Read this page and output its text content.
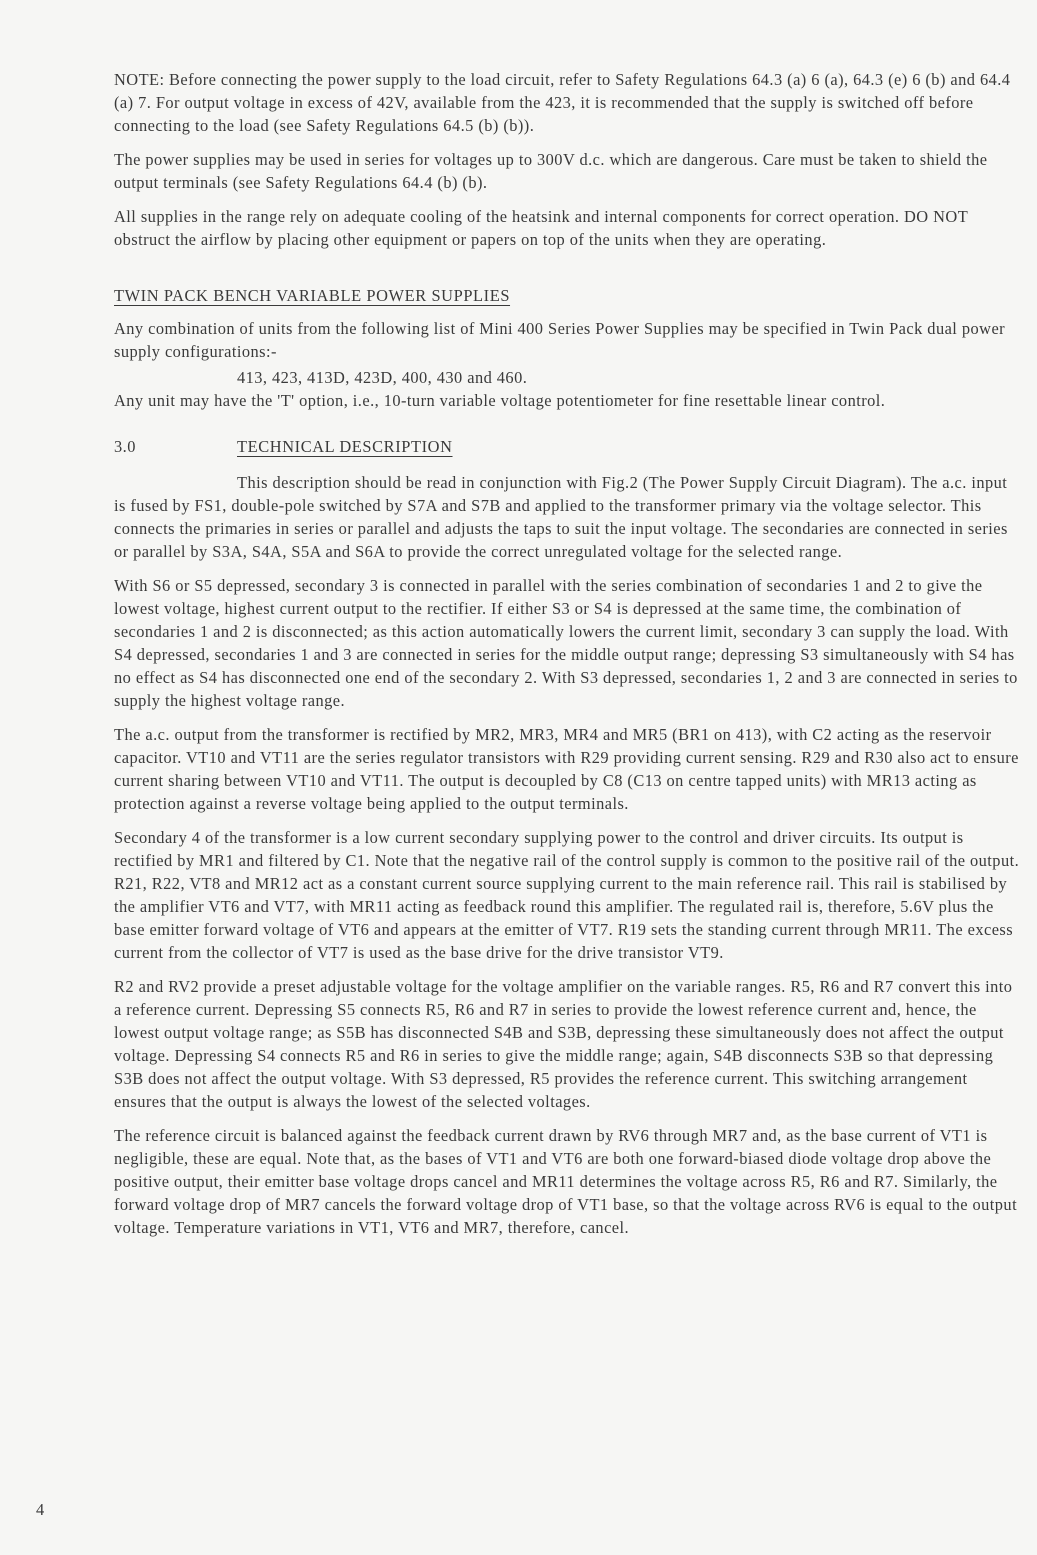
NOTE: Before connecting the power supply to the load circuit, refer to Safety Regulations 64.3 (a) 6 (a), 64.3 (e) 6 (b) and 64.4 (a) 7. For output voltage in excess of 42V, available from the 423, it is recommended that the supply is switched off before connecting to the load (see Safety Regulations 64.5 (b) (b)).

The power supplies may be used in series for voltages up to 300V d.c. which are dangerous. Care must be taken to shield the output terminals (see Safety Regulations 64.4 (b) (b).

All supplies in the range rely on adequate cooling of the heatsink and internal components for correct operation. DO NOT obstruct the airflow by placing other equipment or papers on top of the units when they are operating.

TWIN PACK BENCH VARIABLE POWER SUPPLIES

Any combination of units from the following list of Mini 400 Series Power Supplies may be specified in Twin Pack dual power supply configurations:-

413, 423, 413D, 423D, 400, 430 and 460.

Any unit may have the 'T' option, i.e., 10-turn variable voltage potentiometer for fine resettable linear control.

3.0	TECHNICAL DESCRIPTION

This description should be read in conjunction with Fig.2 (The Power Supply Circuit Diagram). The a.c. input is fused by FS1, double-pole switched by S7A and S7B and applied to the transformer primary via the voltage selector. This connects the primaries in series or parallel and adjusts the taps to suit the input voltage. The secondaries are connected in series or parallel by S3A, S4A, S5A and S6A to provide the correct unregulated voltage for the selected range.

With S6 or S5 depressed, secondary 3 is connected in parallel with the series combination of secondaries 1 and 2 to give the lowest voltage, highest current output to the rectifier. If either S3 or S4 is depressed at the same time, the combination of secondaries 1 and 2 is disconnected; as this action automatically lowers the current limit, secondary 3 can supply the load. With S4 depressed, secondaries 1 and 3 are connected in series for the middle output range; depressing S3 simultaneously with S4 has no effect as S4 has disconnected one end of the secondary 2. With S3 depressed, secondaries 1, 2 and 3 are connected in series to supply the highest voltage range.

The a.c. output from the transformer is rectified by MR2, MR3, MR4 and MR5 (BR1 on 413), with C2 acting as the reservoir capacitor. VT10 and VT11 are the series regulator transistors with R29 providing current sensing. R29 and R30 also act to ensure current sharing between VT10 and VT11. The output is decoupled by C8 (C13 on centre tapped units) with MR13 acting as protection against a reverse voltage being applied to the output terminals.

Secondary 4 of the transformer is a low current secondary supplying power to the control and driver circuits. Its output is rectified by MR1 and filtered by C1. Note that the negative rail of the control supply is common to the positive rail of the output. R21, R22, VT8 and MR12 act as a constant current source supplying current to the main reference rail. This rail is stabilised by the amplifier VT6 and VT7, with MR11 acting as feedback round this amplifier. The regulated rail is, therefore, 5.6V plus the base emitter forward voltage of VT6 and appears at the emitter of VT7. R19 sets the standing current through MR11. The excess current from the collector of VT7 is used as the base drive for the drive transistor VT9.

R2 and RV2 provide a preset adjustable voltage for the voltage amplifier on the variable ranges. R5, R6 and R7 convert this into a reference current. Depressing S5 connects R5, R6 and R7 in series to provide the lowest reference current and, hence, the lowest output voltage range; as S5B has disconnected S4B and S3B, depressing these simultaneously does not affect the output voltage. Depressing S4 connects R5 and R6 in series to give the middle range; again, S4B disconnects S3B so that depressing S3B does not affect the output voltage. With S3 depressed, R5 provides the reference current. This switching arrangement ensures that the output is always the lowest of the selected voltages.

The reference circuit is balanced against the feedback current drawn by RV6 through MR7 and, as the base current of VT1 is negligible, these are equal. Note that, as the bases of VT1 and VT6 are both one forward-biased diode voltage drop above the positive output, their emitter base voltage drops cancel and MR11 determines the voltage across R5, R6 and R7. Similarly, the forward voltage drop of MR7 cancels the forward voltage drop of VT1 base, so that the voltage across RV6 is equal to the output voltage. Temperature variations in VT1, VT6 and MR7, therefore, cancel.

4
